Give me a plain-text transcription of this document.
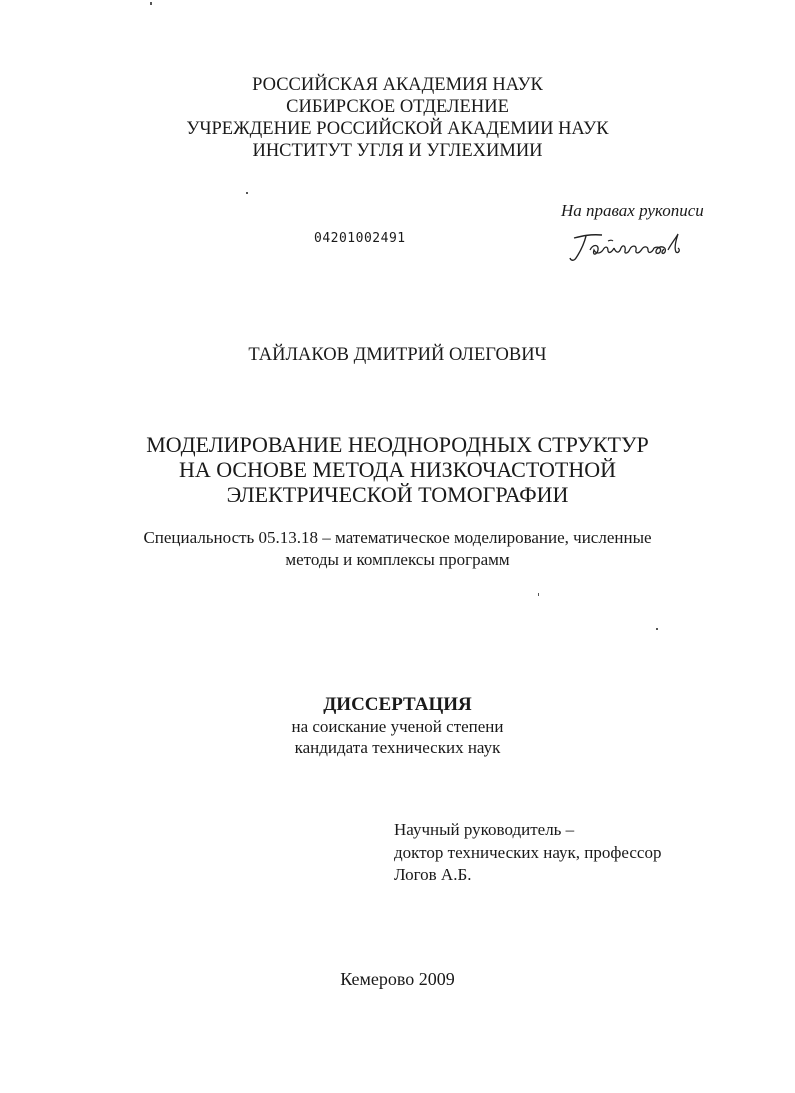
РОССИЙСКАЯ АКАДЕМИЯ НАУК
СИБИРСКОЕ ОТДЕЛЕНИЕ
УЧРЕЖДЕНИЕ РОССИЙСКОЙ АКАДЕМИИ НАУК
ИНСТИТУТ УГЛЯ И УГЛЕХИМИИ
На правах рукописи
04201002491
ТАЙЛАКОВ ДМИТРИЙ ОЛЕГОВИЧ
МОДЕЛИРОВАНИЕ НЕОДНОРОДНЫХ СТРУКТУР
НА ОСНОВЕ МЕТОДА НИЗКОЧАСТОТНОЙ
ЭЛЕКТРИЧЕСКОЙ ТОМОГРАФИИ
Специальность 05.13.18 – математическое моделирование, численные
методы и комплексы программ
ДИССЕРТАЦИЯ
на соискание ученой степени
кандидата технических наук
Научный руководитель –
доктор технических наук, профессор
Логов А.Б.
Кемерово 2009
